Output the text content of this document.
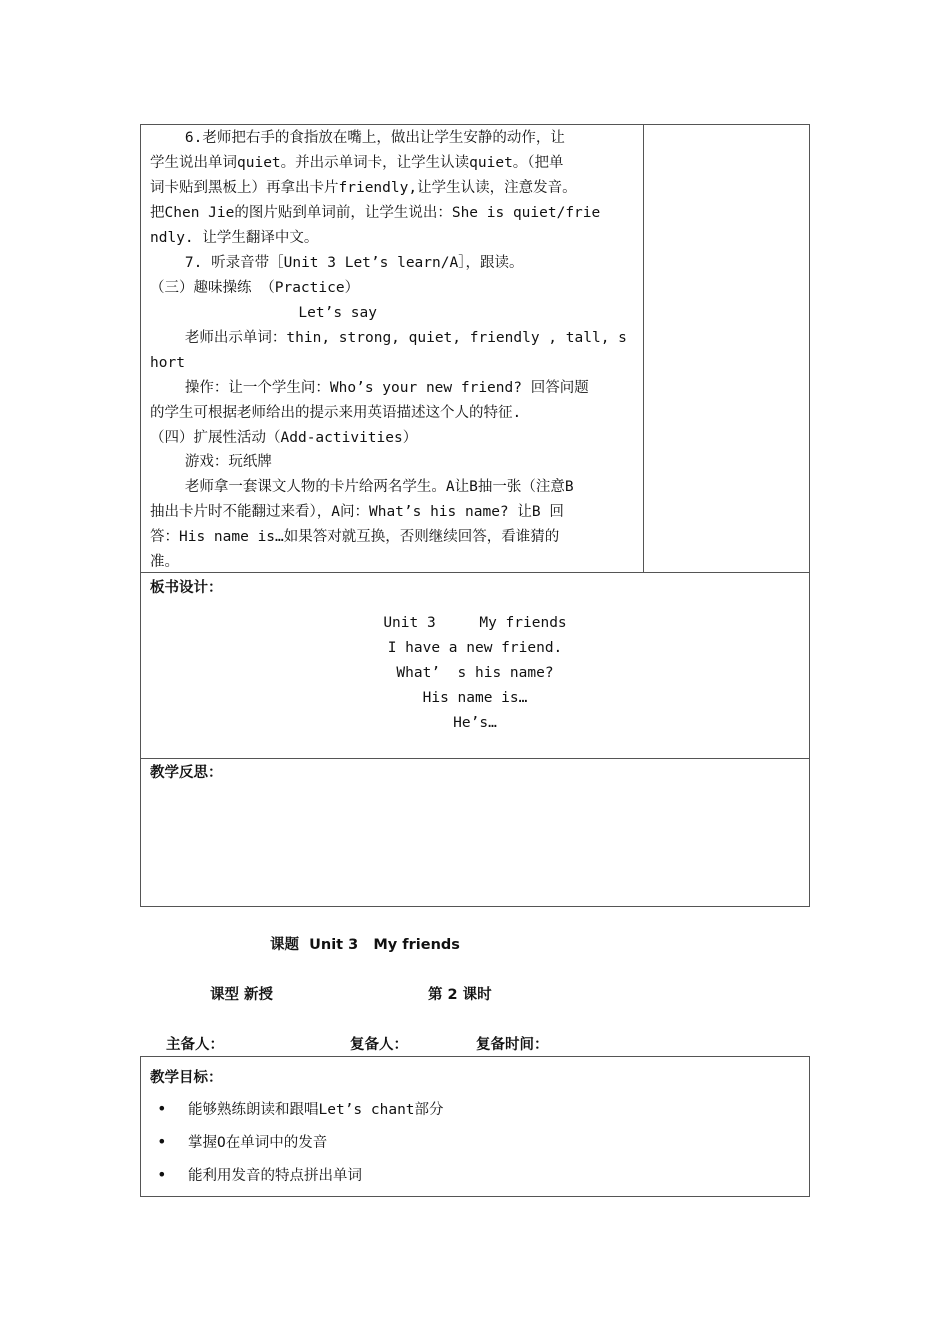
6.老师把右手的食指放在嘴上，做出让学生安静的动作，让
学生说出单词quiet。并出示单词卡，让学生认读quiet。（把单
词卡贴到黑板上）再拿出卡片friendly,让学生认读，注意发音。
把Chen Jie的图片贴到单词前，让学生说出：She is quiet/frie
ndly. 让学生翻译中文。
7. 听录音带［Unit 3 Let’s learn/A］，跟读。
（三）趣味操练 （Practice）
Let’s say
老师出示单词：thin, strong, quiet, friendly , tall, s
hort
操作：让一个学生问：Who’s your new friend? 回答问题
的学生可根据老师给出的提示来用英语描述这个人的特征.
（四）扩展性活动（Add-activities）
游戏：玩纸牌
老师拿一套课文人物的卡片给两名学生。A让B抽一张（注意B
抽出卡片时不能翻过来看），A问：What’s his name? 让B 回
答：His name is…如果答对就互换，否则继续回答，看谁猜的
准。
板书设计：
Unit 3     My friends
I have a new friend.
What’  s his name?
His name is…
He’s…
教学反思：
课题  Unit 3   My friends
课型 新授	第 2 课时
主备人：	复备人：	复备时间：
教学目标：
• 能够熟练朗读和跟唱Let’s chant部分
• 掌握O在单词中的发音
• 能利用发音的特点拼出单词
